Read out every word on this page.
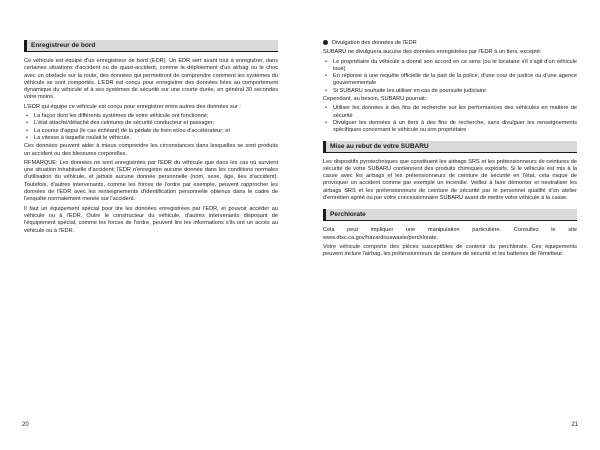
Enregistreur de bord

Ce véhicule est équipé d'un enregistreur de bord (EDR). Un EDR sert avant tout à enregistrer, dans certaines situations d'accident ou de quasi-accident, comme le déploiement d'un airbag ou le choc avec un obstacle sur la route, des données qui permettront de comprendre comment les systèmes du véhicule se sont comportés. L'EDR est conçu pour enregistrer des données liées au comportement dynamique du véhicule et à ses systèmes de sécurité sur une courte durée, en général 30 secondes votre moins.

L'EDR qui équipe ce véhicule est conçu pour enregistrer entre autres des données sur :

• La façon dont les différents systèmes de votre véhicule ont fonctionné;
• L'état attaché/détaché des ceintures de sécurité conducteur et passager;
• La course d'appui (le cas échéant) de la pédale de frein et/ou d'accélérateur; et
• La vitesse à laquelle roulait le véhicule.

Ces données peuvent aider à mieux comprendre les circonstances dans lesquelles se sont produits un accident ou des blessures corporelles.

RFMARQUE: Les données ne sont enregistrées par l'EDR du véhicule que dans les cas où survient une situation inhabituelle d'accident; l'EDR n'enregistre aucune donnée dans les conditions normales d'utilisation du véhicule, et jamais aucune donnée personnelle (nom, sexe, âge, lieu d'accident). Toutefois, d'autres intervenants, comme les forces de l'ordre par exemple, peuvent rapprocher les données de l'EDR avec les renseignements d'identification personnelle obtenus dans le cadre de l'enquête normalement menée sur l'accident.

Il faut un équipement spécial pour lire les données enregistrées par l'EDR, et pouvoir accéder au véhicule ou à l'EDR. Outre le constructeur du véhicule, d'autres intervenants disposant de l'équipement spécial, comme les forces de l'ordre, peuvent lire les informations s'ils ont un accès au véhicule ou à l'EDR.

20
Divulgation des données de l'EDR

SUBARU ne divulguera aucune des données enregistrées par l'EDR à un tiers, excepté:

• Le propriétaire du véhicule a donné son accord en ce sens (ou le locataire s'il s'agit d'un véhicule loué)
• En réponse à une requête officielle de la part de la police, d'une cour de justice ou d'une agence gouvernementale
• Si SUBARU souhaite les utiliser en cas de poursuite judiciaire

Cependant, au besoin, SUBARU pourrait:

• Utiliser les données à des fins de recherche sur les performances des véhicules en matière de sécurité
• Divulguer les données à un tiers à des fins de recherche, sans divulguer les renseignements spécifiques concernant le véhicule ou son propriétaire
Mise au rebut de votre SUBARU

Les dispositifs pyrotechniques que constituent les airbags SRS et les prétensionneurs de ceintures de sécurité de votre SUBARU contiennent des produits chimiques explosifs. Si le véhicule est mis à la casse avec les airbags et les prétensionneurs de ceinture de sécurité en l'état, cela risque de provoquer un accident comme par exemple un incendie. Veillez à faire démonter et neutraliser les airbags SRS et les prétensionneurs de ceinture de sécurité par le personnel qualifié d'un atelier d'entretien agréé ou par votre concessionnaire SUBARU avant de mettre votre véhicule à la casse.

Perchlorate

Cela peut impliquer une manipulation particulière. Consultez le site www.dtsc.ca.gov/hazardouswaste/perchlorate.

Votre véhicule comporte des pièces susceptibles de contenir du perchlorate. Ces équipements peuvent inclure l'airbag, les prétensionneurs de ceinture de sécurité et les batteries de l'émetteur.

21
